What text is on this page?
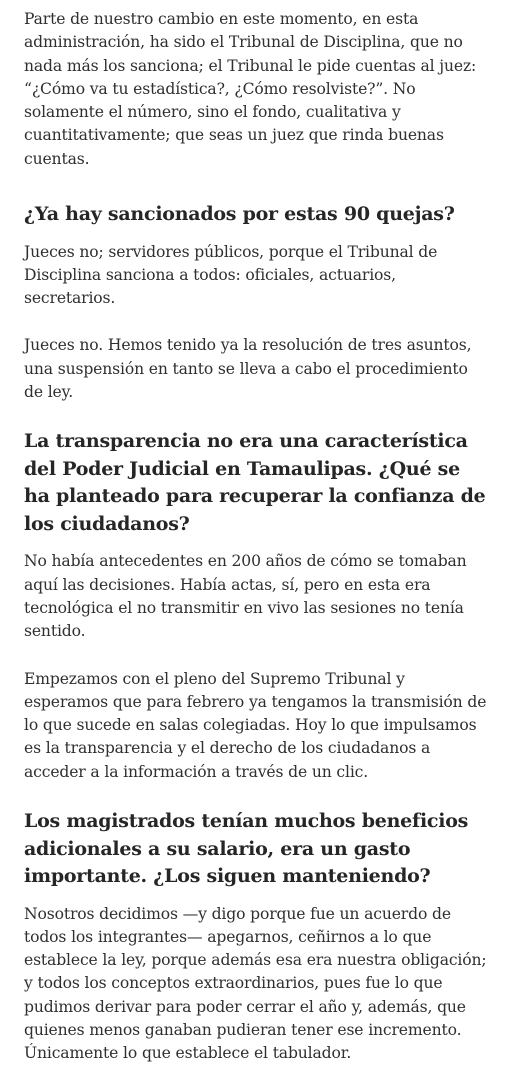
Parte de nuestro cambio en este momento, en esta administración, ha sido el Tribunal de Disciplina, que no nada más los sanciona; el Tribunal le pide cuentas al juez: “¿Cómo va tu estadística?, ¿Cómo resolviste?”. No solamente el número, sino el fondo, cualitativa y cuantitativamente; que seas un juez que rinda buenas cuentas.

¿Ya hay sancionados por estas 90 quejas?

Jueces no; servidores públicos, porque el Tribunal de Disciplina sanciona a todos: oficiales, actuarios, secretarios.

Jueces no. Hemos tenido ya la resolución de tres asuntos, una suspensión en tanto se lleva a cabo el procedimiento de ley.

La transparencia no era una característica del Poder Judicial en Tamaulipas. ¿Qué se ha planteado para recuperar la confianza de los ciudadanos?

No había antecedentes en 200 años de cómo se tomaban aquí las decisiones. Había actas, sí, pero en esta era tecnológica el no transmitir en vivo las sesiones no tenía sentido.

Empezamos con el pleno del Supremo Tribunal y esperamos que para febrero ya tengamos la transmisión de lo que sucede en salas colegiadas. Hoy lo que impulsamos es la transparencia y el derecho de los ciudadanos a acceder a la información a través de un clic.

Los magistrados tenían muchos beneficios adicionales a su salario, era un gasto importante. ¿Los siguen manteniendo?

Nosotros decidimos —y digo porque fue un acuerdo de todos los integrantes— apegarnos, ceñirnos a lo que establece la ley, porque además esa era nuestra obligación; y todos los conceptos extraordinarios, pues fue lo que pudimos derivar para poder cerrar el año y, además, que quienes menos ganaban pudieran tener ese incremento. Únicamente lo que establece el tabulador.
